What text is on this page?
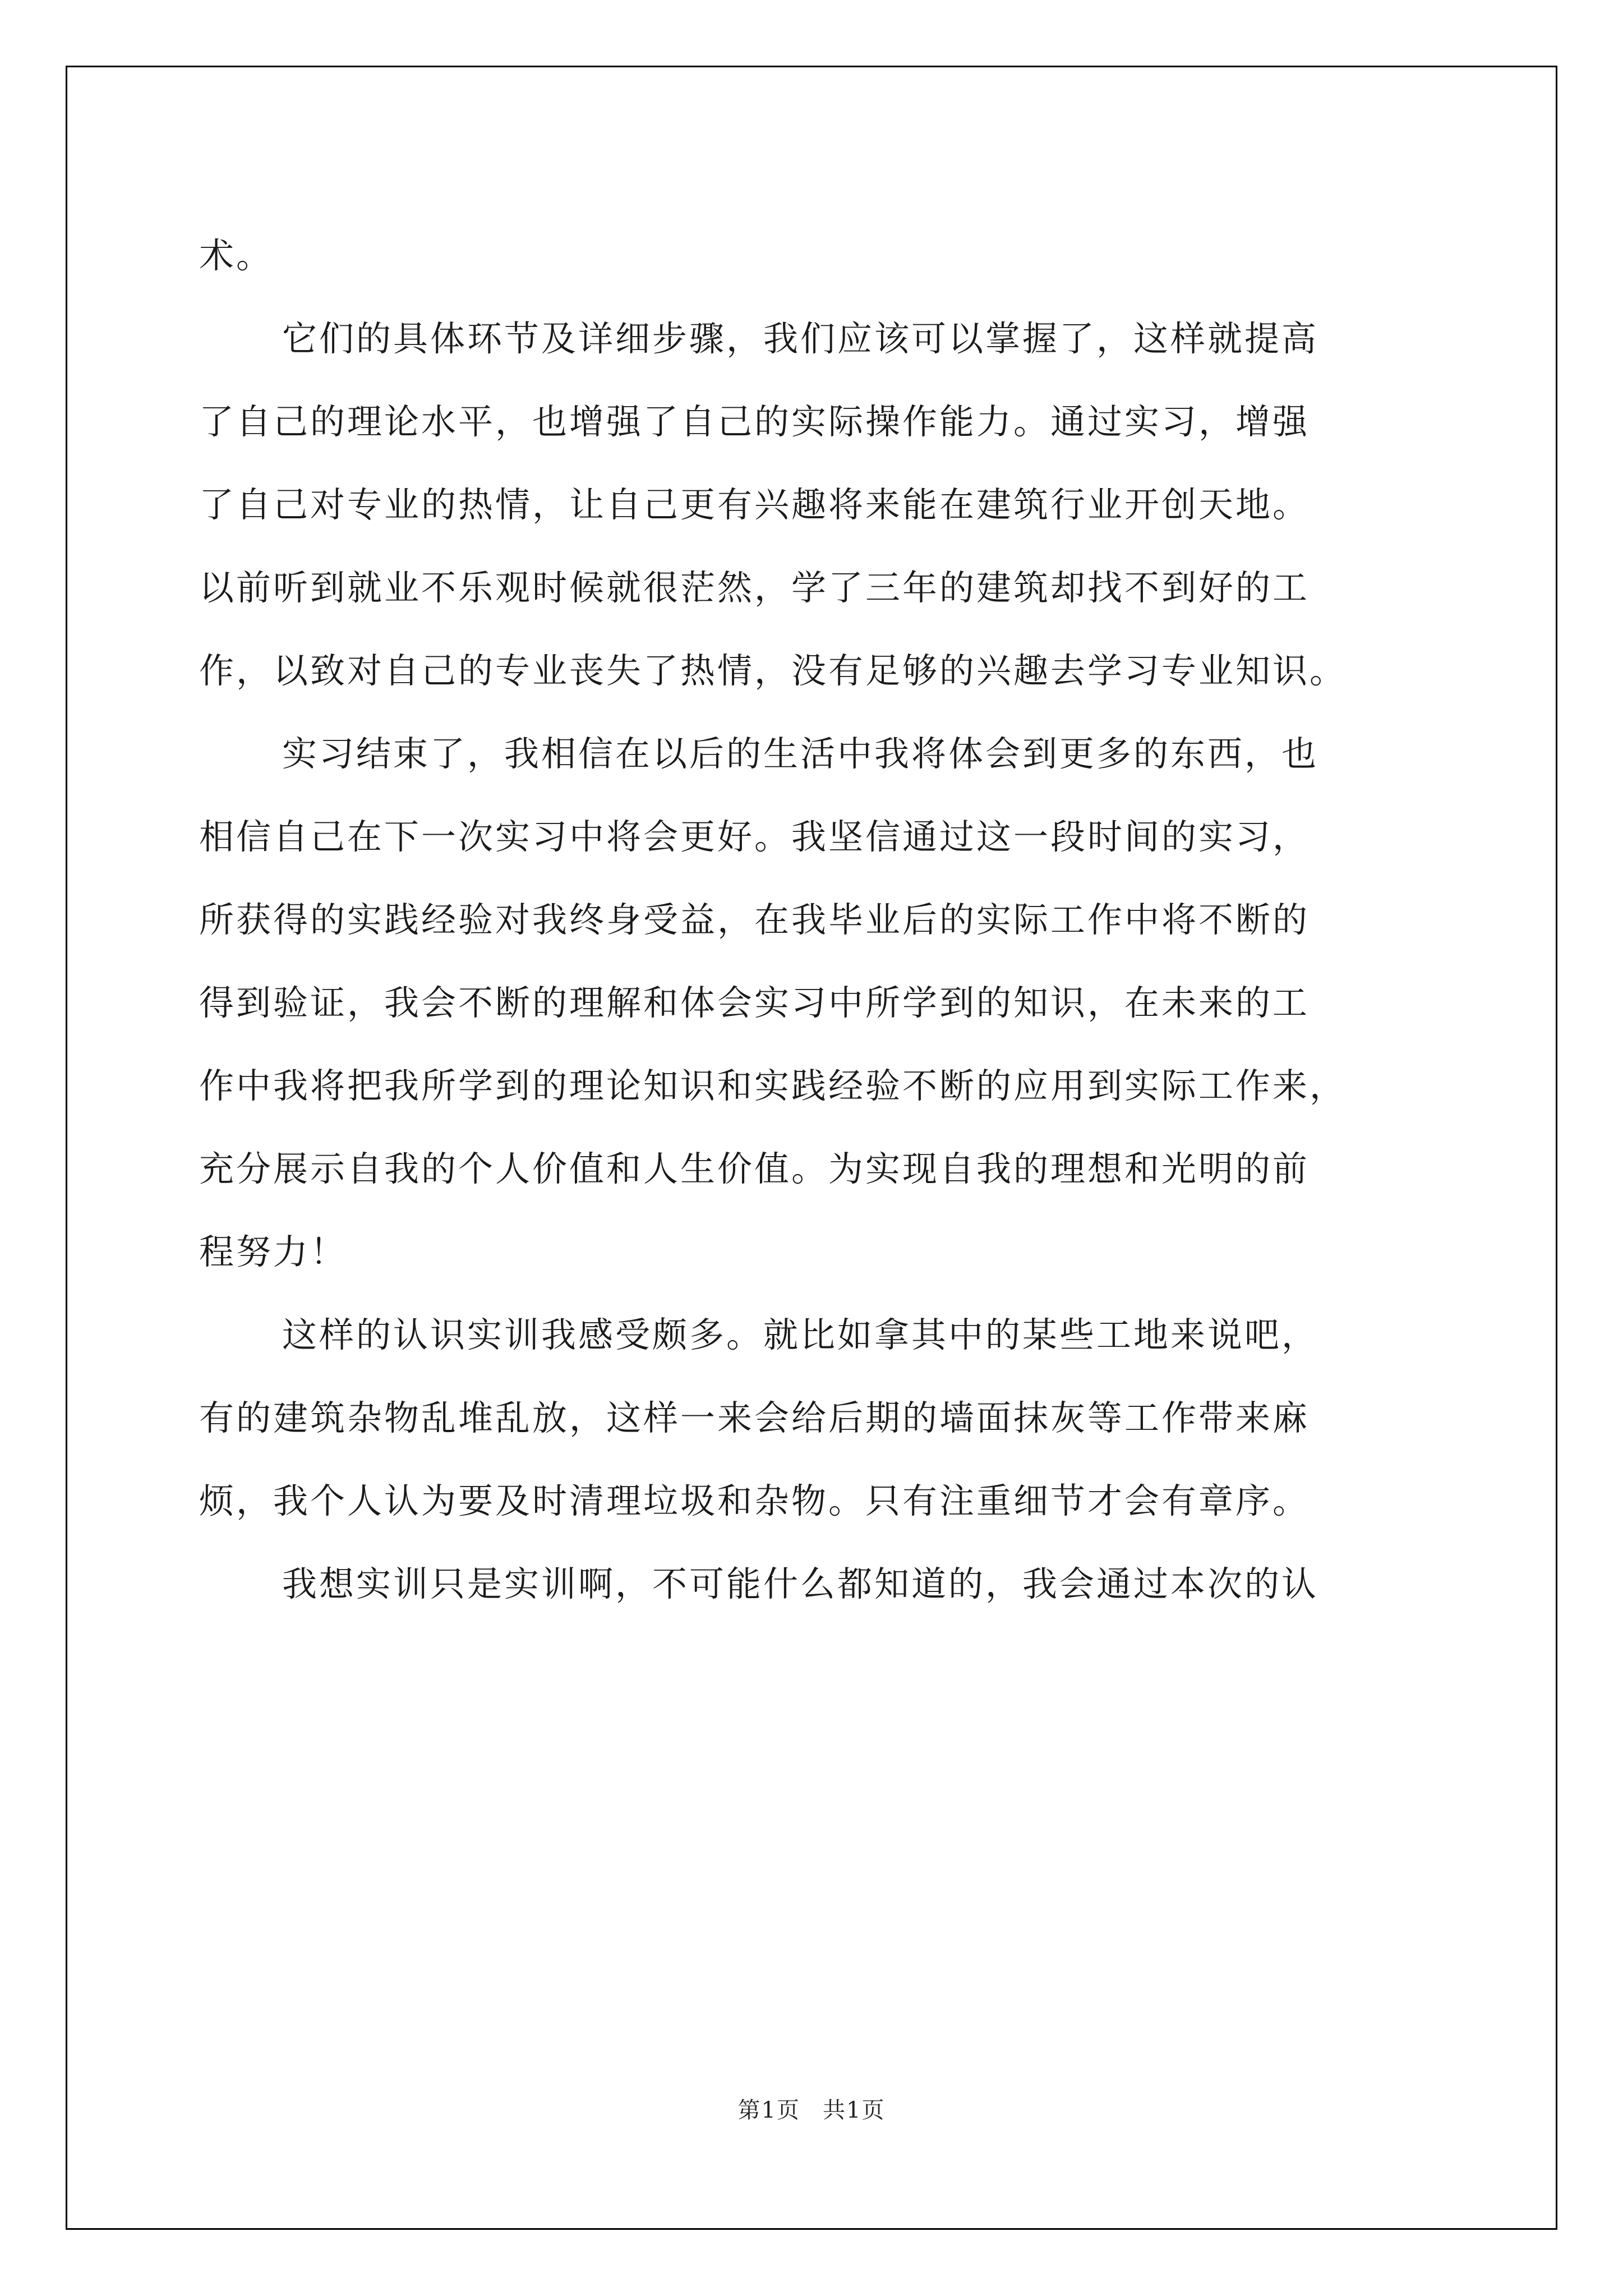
术。
它们的具体环节及详细步骤，我们应该可以掌握了，这样就提高
了自己的理论水平，也增强了自己的实际操作能力。通过实习，增强
了自己对专业的热情，让自己更有兴趣将来能在建筑行业开创天地。
以前听到就业不乐观时候就很茫然，学了三年的建筑却找不到好的工
作，以致对自己的专业丧失了热情，没有足够的兴趣去学习专业知识。
实习结束了，我相信在以后的生活中我将体会到更多的东西，也
相信自己在下一次实习中将会更好。我坚信通过这一段时间的实习，
所获得的实践经验对我终身受益，在我毕业后的实际工作中将不断的
得到验证，我会不断的理解和体会实习中所学到的知识，在未来的工
作中我将把我所学到的理论知识和实践经验不断的应用到实际工作来，
充分展示自我的个人价值和人生价值。为实现自我的理想和光明的前
程努力！
这样的认识实训我感受颇多。就比如拿其中的某些工地来说吧，
有的建筑杂物乱堆乱放，这样一来会给后期的墙面抹灰等工作带来麻
烦，我个人认为要及时清理垃圾和杂物。只有注重细节才会有章序。
我想实训只是实训啊，不可能什么都知道的，我会通过本次的认
第1页 共1页
